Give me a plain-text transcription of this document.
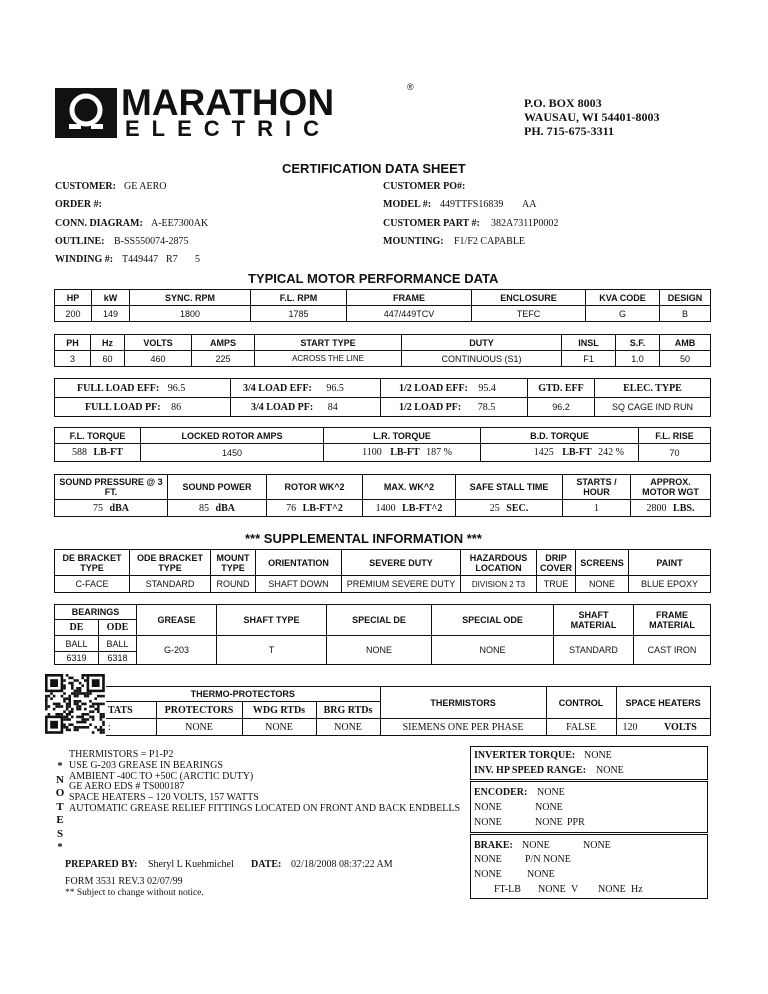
MARATHON
ELECTRIC
®
P.O. BOX 8003
WAUSAU, WI 54401-8003
PH. 715-675-3311
CERTIFICATION DATA SHEET
CUSTOMER: GE AERO	CUSTOMER PO#:
ORDER #:	MODEL #: 449TTFS16839 AA
CONN. DIAGRAM: A-EE7300AK	CUSTOMER PART #: 382A7311P0002
OUTLINE: B-SS550074-2875	MOUNTING: F1/F2 CAPABLE
WINDING #: T449447 R7 5
TYPICAL MOTOR PERFORMANCE DATA
HP	kW	SYNC. RPM	F.L. RPM	FRAME	ENCLOSURE	KVA CODE	DESIGN
200	149	1800	1785	447/449TCV	TEFC	G	B
PH	Hz	VOLTS	AMPS	START TYPE	DUTY	INSL	S.F.	AMB
3	60	460	225	ACROSS THE LINE	CONTINUOUS (S1)	F1	1.0	50
FULL LOAD EFF: 96.5	3/4 LOAD EFF: 96.5	1/2 LOAD EFF: 95.4	GTD. EFF	ELEC. TYPE
FULL LOAD PF: 86	3/4 LOAD PF: 84	1/2 LOAD PF: 78.5	96.2	SQ CAGE IND RUN
F.L. TORQUE	LOCKED ROTOR AMPS	L.R. TORQUE	B.D. TORQUE	F.L. RISE
588 LB-FT	1450	1100 LB-FT 187 %	1425 LB-FT 242 %	70
SOUND PRESSURE @ 3 FT.	SOUND POWER	ROTOR WK^2	MAX. WK^2	SAFE STALL TIME	STARTS / HOUR	APPROX. MOTOR WGT
75 dBA	85 dBA	76 LB-FT^2	1400 LB-FT^2	25 SEC.	1	2800 LBS.
*** SUPPLEMENTAL INFORMATION ***
DE BRACKET TYPE	ODE BRACKET TYPE	MOUNT TYPE	ORIENTATION	SEVERE DUTY	HAZARDOUS LOCATION	DRIP COVER	SCREENS	PAINT
C-FACE	STANDARD	ROUND	SHAFT DOWN	PREMIUM SEVERE DUTY	DIVISION 2 T3	TRUE	NONE	BLUE EPOXY
BEARINGS		GREASE	SHAFT TYPE	SPECIAL DE	SPECIAL ODE	SHAFT MATERIAL	FRAME MATERIAL
DE	ODE						
BALL	BALL	G-203	T	NONE	NONE	STANDARD	CAST IRON
6319	6318						
THERMO-PROTECTORS				THERMISTORS	CONTROL	SPACE HEATERS
TATS	PROTECTORS	WDG RTDs	BRG RTDs			
:	NONE	NONE	NONE	SIEMENS ONE PER PHASE	FALSE	120 VOLTS
*
N
O
T
E
S
*
THERMISTORS = P1-P2
USE G-203 GREASE IN BEARINGS
AMBIENT -40C TO +50C (ARCTIC DUTY)
GE AERO EDS # TS000187
SPACE HEATERS – 120 VOLTS, 157 WATTS
AUTOMATIC GREASE RELIEF FITTINGS LOCATED ON FRONT AND BACK ENDBELLS
PREPARED BY: Sheryl L Kuehmichel DATE: 02/18/2008 08:37:22 AM
FORM 3531 REV.3 02/07/99
** Subject to change without notice.
INVERTER TORQUE: NONE
INV. HP SPEED RANGE: NONE
ENCODER: NONE
NONE	NONE
NONE	NONE PPR
BRAKE: NONE	NONE
NONE P/N NONE
NONE	NONE
FT-LB NONE V NONE Hz
